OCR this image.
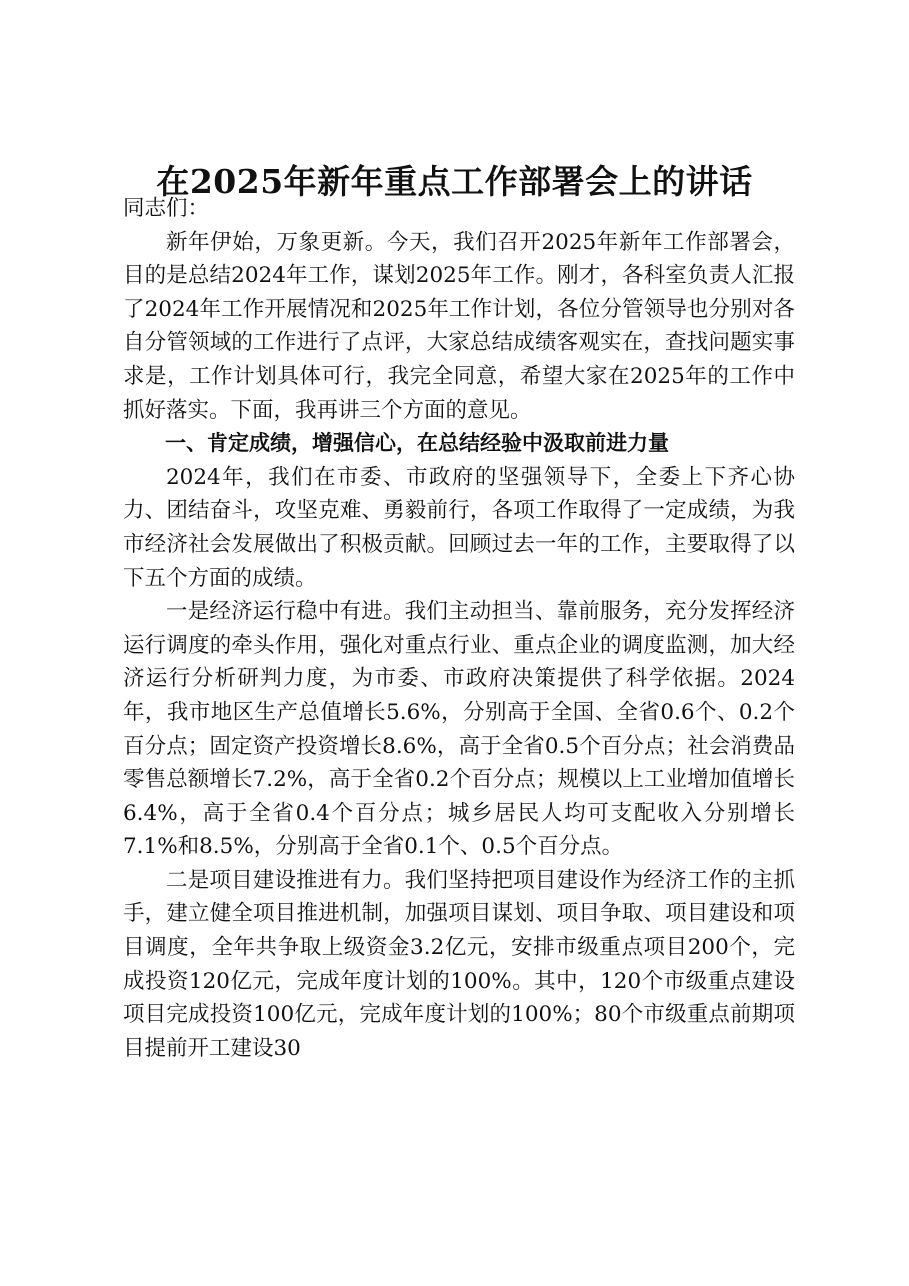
在2025年新年重点工作部署会上的讲话

同志们：

新年伊始，万象更新。今天，我们召开2025年新年工作部署会，目的是总结2024年工作，谋划2025年工作。刚才，各科室负责人汇报了2024年工作开展情况和2025年工作计划，各位分管领导也分别对各自分管领域的工作进行了点评，大家总结成绩客观实在，查找问题实事求是，工作计划具体可行，我完全同意，希望大家在2025年的工作中抓好落实。下面，我再讲三个方面的意见。

一、肯定成绩，增强信心，在总结经验中汲取前进力量

2024年，我们在市委、市政府的坚强领导下，全委上下齐心协力、团结奋斗，攻坚克难、勇毅前行，各项工作取得了一定成绩，为我市经济社会发展做出了积极贡献。回顾过去一年的工作，主要取得了以下五个方面的成绩。

一是经济运行稳中有进。我们主动担当、靠前服务，充分发挥经济运行调度的牵头作用，强化对重点行业、重点企业的调度监测，加大经济运行分析研判力度，为市委、市政府决策提供了科学依据。2024年，我市地区生产总值增长5.6%，分别高于全国、全省0.6个、0.2个百分点；固定资产投资增长8.6%，高于全省0.5个百分点；社会消费品零售总额增长7.2%，高于全省0.2个百分点；规模以上工业增加值增长6.4%，高于全省0.4个百分点；城乡居民人均可支配收入分别增长7.1%和8.5%，分别高于全省0.1个、0.5个百分点。

二是项目建设推进有力。我们坚持把项目建设作为经济工作的主抓手，建立健全项目推进机制，加强项目谋划、项目争取、项目建设和项目调度，全年共争取上级资金3.2亿元，安排市级重点项目200个，完成投资120亿元，完成年度计划的100%。其中，120个市级重点建设项目完成投资100亿元，完成年度计划的100%；80个市级重点前期项目提前开工建设30
